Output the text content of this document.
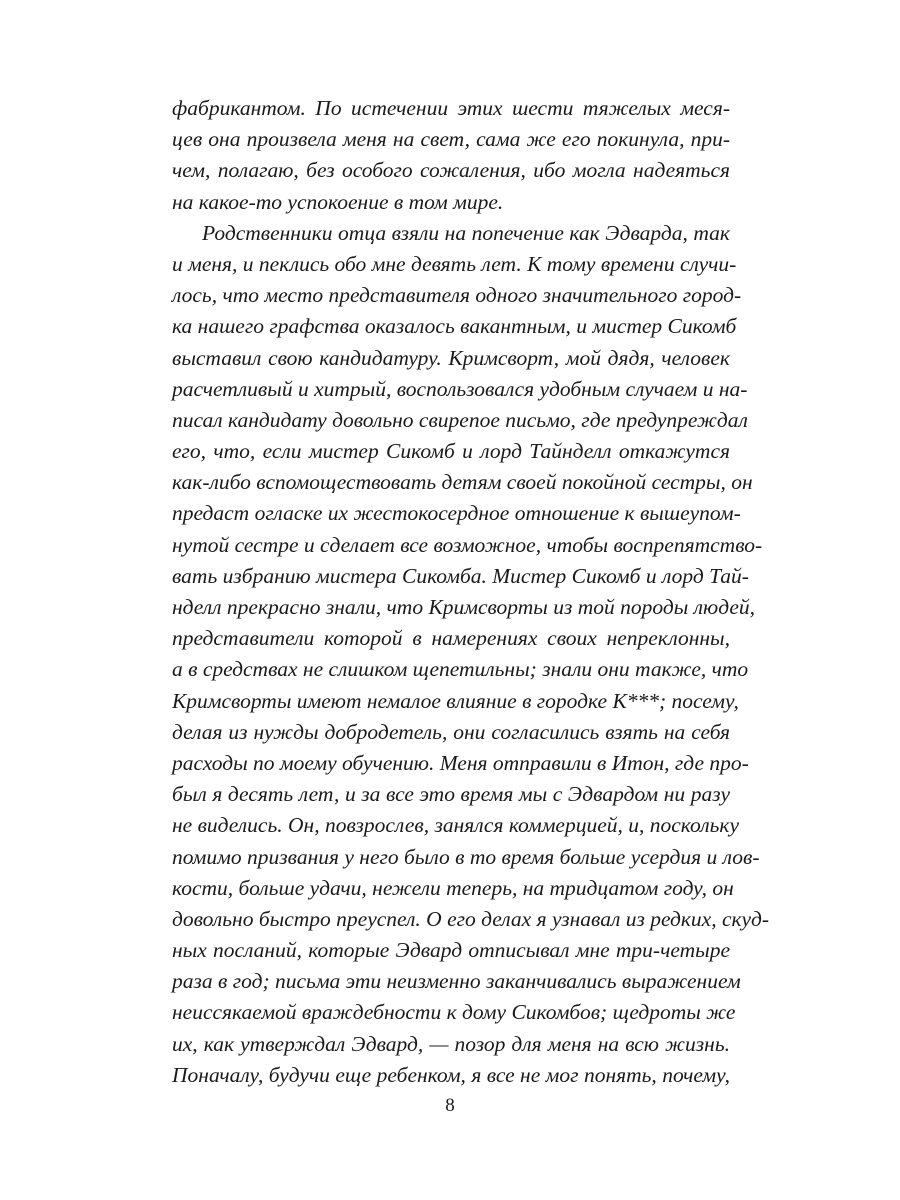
фабрикантом. По истечении этих шести тяжелых меся-
цев она произвела меня на свет, сама же его покинула, при-
чем, полагаю, без особого сожаления, ибо могла надеяться
на какое-то успокоение в том мире.
Родственники отца взяли на попечение как Эдварда, так
и меня, и пеклись обо мне девять лет. К тому времени случи-
лось, что место представителя одного значительного город-
ка нашего графства оказалось вакантным, и мистер Сикомб
выставил свою кандидатуру. Кримсворт, мой дядя, человек
расчетливый и хитрый, воспользовался удобным случаем и на-
писал кандидату довольно свирепое письмо, где предупреждал
его, что, если мистер Сикомб и лорд Тайнделл откажутся
как-либо вспомоществовать детям своей покойной сестры, он
предаст огласке их жестокосердное отношение к вышеупом-
нутой сестре и сделает все возможное, чтобы воспрепятство-
вать избранию мистера Сикомба. Мистер Сикомб и лорд Тай-
нделл прекрасно знали, что Кримсворты из той породы людей,
представители которой в намерениях своих непреклонны,
а в средствах не слишком щепетильны; знали они также, что
Кримсворты имеют немалое влияние в городке К***; посему,
делая из нужды добродетель, они согласились взять на себя
расходы по моему обучению. Меня отправили в Итон, где про-
был я десять лет, и за все это время мы с Эдвардом ни разу
не виделись. Он, повзрослев, занялся коммерцией, и, поскольку
помимо призвания у него было в то время больше усердия и лов-
кости, больше удачи, нежели теперь, на тридцатом году, он
довольно быстро преуспел. О его делах я узнавал из редких, скуд-
ных посланий, которые Эдвард отписывал мне три-четыре
раза в год; письма эти неизменно заканчивались выражением
неиссякаемой враждебности к дому Сикомбов; щедроты же
их, как утверждал Эдвард, — позор для меня на всю жизнь.
Поначалу, будучи еще ребенком, я все не мог понять, почему,
8
